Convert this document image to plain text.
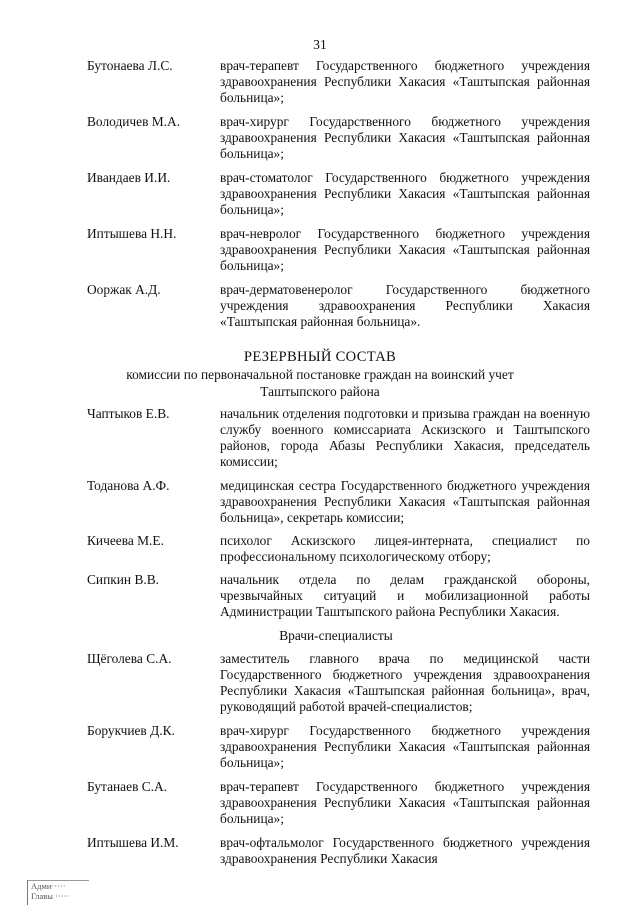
31
Бутонаева Л.С.	врач-терапевт Государственного бюджетного учреждения здравоохранения Республики Хакасия «Таштыпская районная больница»;
Володичев М.А.	врач-хирург Государственного бюджетного учреждения здравоохранения Республики Хакасия «Таштыпская районная больница»;
Ивандаев И.И.	врач-стоматолог Государственного бюджетного учреждения здравоохранения Республики Хакасия «Таштыпская районная больница»;
Иптышева Н.Н.	врач-невролог Государственного бюджетного учреждения здравоохранения Республики Хакасия «Таштыпская районная больница»;
Ооржак А.Д.	врач-дерматовенеролог Государственного бюджетного учреждения здравоохранения Республики Хакасия «Таштыпская районная больница».
РЕЗЕРВНЫЙ СОСТАВ
комиссии по первоначальной постановке граждан на воинский учет
Таштыпского района
Чаптыков Е.В.	начальник отделения подготовки и призыва граждан на военную службу военного комиссариата Аскизского и Таштыпского районов, города Абазы Республики Хакасия, председатель комиссии;
Тоданова А.Ф.	медицинская сестра Государственного бюджетного учреждения здравоохранения Республики Хакасия «Таштыпская районная больница», секретарь комиссии;
Кичеева М.Е.	психолог Аскизского лицея-интерната, специалист по профессиональному психологическому отбору;
Сипкин В.В.	начальник отдела по делам гражданской обороны, чрезвычайных ситуаций и мобилизационной работы Администрации Таштыпского района Республики Хакасия.
Врачи-специалисты
Щёголева С.А.	заместитель главного врача по медицинской части Государственного бюджетного учреждения здравоохранения Республики Хакасия «Таштыпская районная больница», врач, руководящий работой врачей-специалистов;
Борукчиев Д.К.	врач-хирург Государственного бюджетного учреждения здравоохранения Республики Хакасия «Таштыпская районная больница»;
Бутанаев С.А.	врач-терапевт Государственного бюджетного учреждения здравоохранения Республики Хакасия «Таштыпская районная больница»;
Иптышева И.М.	врач-офтальмолог Государственного бюджетного учреждения здравоохранения Республики Хакасия
Адми·····
Главы ·····
